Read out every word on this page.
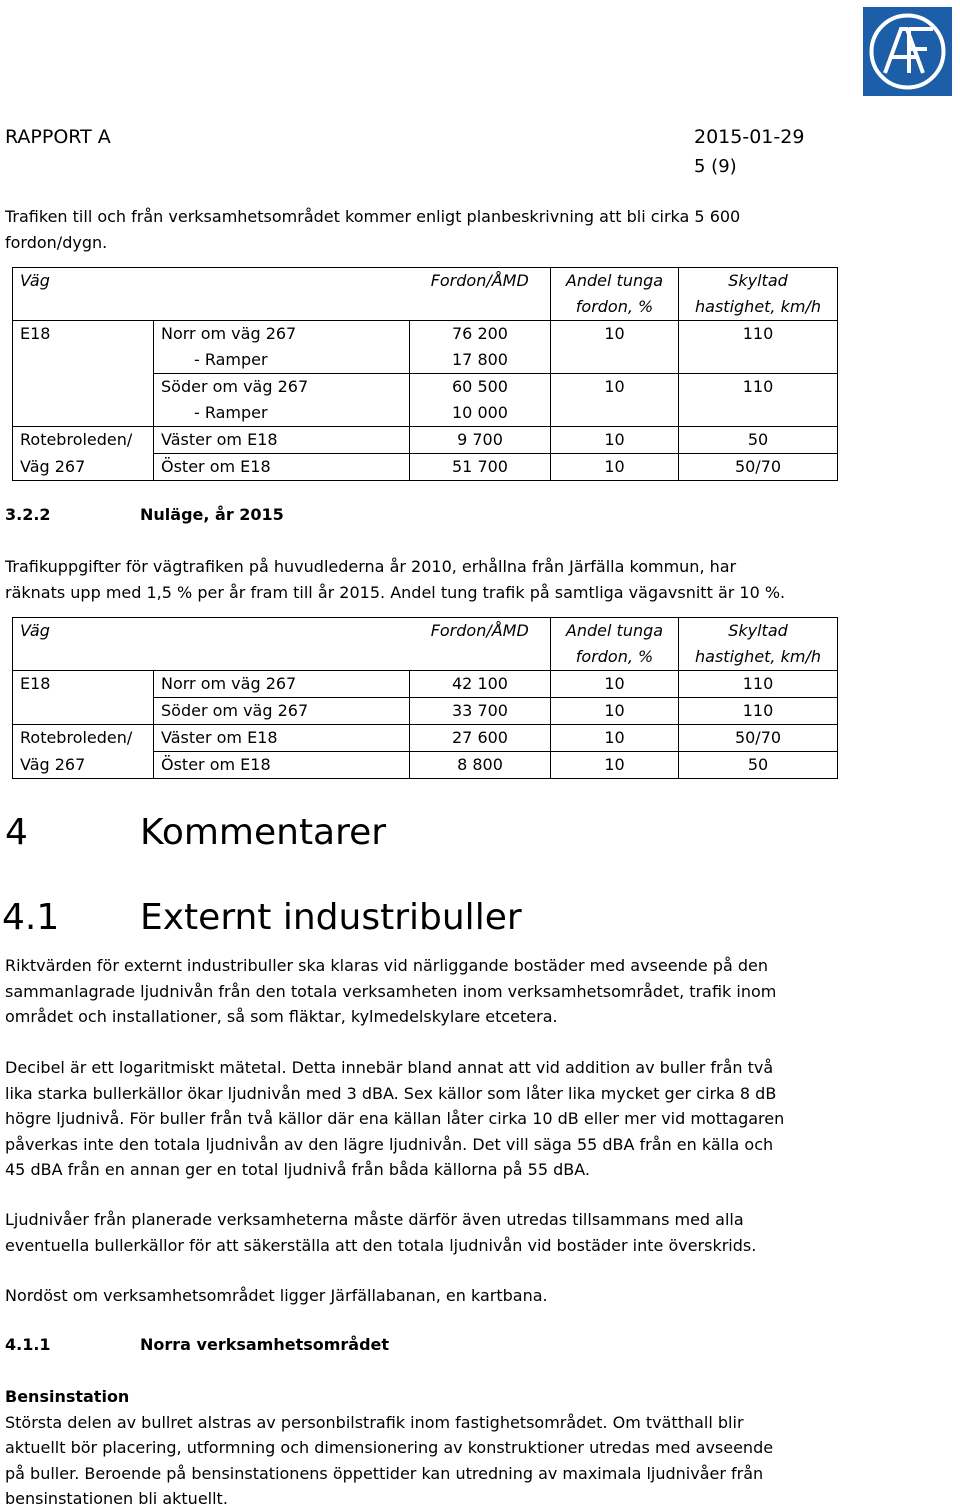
RAPPORT A	2015-01-29
5 (9)
Trafiken till och från verksamhetsområdet kommer enligt planbeskrivning att bli cirka 5 600
fordon/dygn.
Väg		Fordon/ÅMD	Andel tunga	Skyltad
			fordon, %	hastighet, km/h
E18	Norr om väg 267	76 200	10	110
	- Ramper	17 800		
	Söder om väg 267	60 500	10	110
	- Ramper	10 000		
Rotebroleden/	Väster om E18	9 700	10	50
Väg 267	Öster om E18	51 700	10	50/70
3.2.2	Nuläge, år 2015
Trafikuppgifter för vägtrafiken på huvudlederna år 2010, erhållna från Järfälla kommun, har
räknats upp med 1,5 % per år fram till år 2015. Andel tung trafik på samtliga vägavsnitt är 10 %.
Väg		Fordon/ÅMD	Andel tunga	Skyltad
			fordon, %	hastighet, km/h
E18	Norr om väg 267	42 100	10	110
	Söder om väg 267	33 700	10	110
Rotebroleden/	Väster om E18	27 600	10	50/70
Väg 267	Öster om E18	8 800	10	50
4	Kommentarer
4.1 Externt industribuller
Riktvärden för externt industribuller ska klaras vid närliggande bostäder med avseende på den
sammanlagrade ljudnivån från den totala verksamheten inom verksamhetsområdet, trafik inom
området och installationer, så som fläktar, kylmedelskylare etcetera.
Decibel är ett logaritmiskt mätetal. Detta innebär bland annat att vid addition av buller från två
lika starka bullerkällor ökar ljudnivån med 3 dBA. Sex källor som låter lika mycket ger cirka 8 dB
högre ljudnivå. För buller från två källor där ena källan låter cirka 10 dB eller mer vid mottagaren
påverkas inte den totala ljudnivån av den lägre ljudnivån. Det vill säga 55 dBA från en källa och
45 dBA från en annan ger en total ljudnivå från båda källorna på 55 dBA.
Ljudnivåer från planerade verksamheterna måste därför även utredas tillsammans med alla
eventuella bullerkällor för att säkerställa att den totala ljudnivån vid bostäder inte överskrids.
Nordöst om verksamhetsområdet ligger Järfällabanan, en kartbana.
4.1.1	Norra verksamhetsområdet
Bensinstation
Största delen av bullret alstras av personbilstrafik inom fastighetsområdet. Om tvätthall blir
aktuellt bör placering, utformning och dimensionering av konstruktioner utredas med avseende
på buller. Beroende på bensinstationens öppettider kan utredning av maximala ljudnivåer från
bensinstationen bli aktuellt.
